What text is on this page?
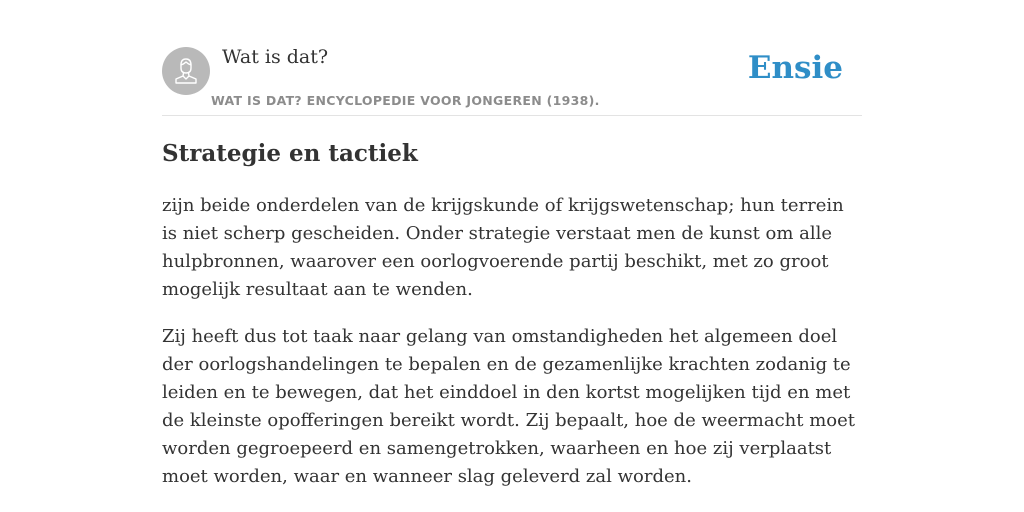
Wat is dat?
WAT IS DAT? ENCYCLOPEDIE VOOR JONGEREN (1938).
Ensie
Strategie en tactiek

zijn beide onderdelen van de krijgskunde of krijgswetenschap; hun terrein is niet scherp gescheiden. Onder strategie verstaat men de kunst om alle hulpbronnen, waarover een oorlogvoerende partij beschikt, met zo groot mogelijk resultaat aan te wenden.

Zij heeft dus tot taak naar gelang van omstandigheden het algemeen doel der oorlogshandelingen te bepalen en de gezamenlijke krachten zodanig te leiden en te bewegen, dat het einddoel in den kortst mogelijken tijd en met de kleinste opofferingen bereikt wordt. Zij bepaalt, hoe de weermacht moet worden gegroepeerd en samengetrokken, waarheen en hoe zij verplaatst moet worden, waar en wanneer slag geleverd zal worden.
